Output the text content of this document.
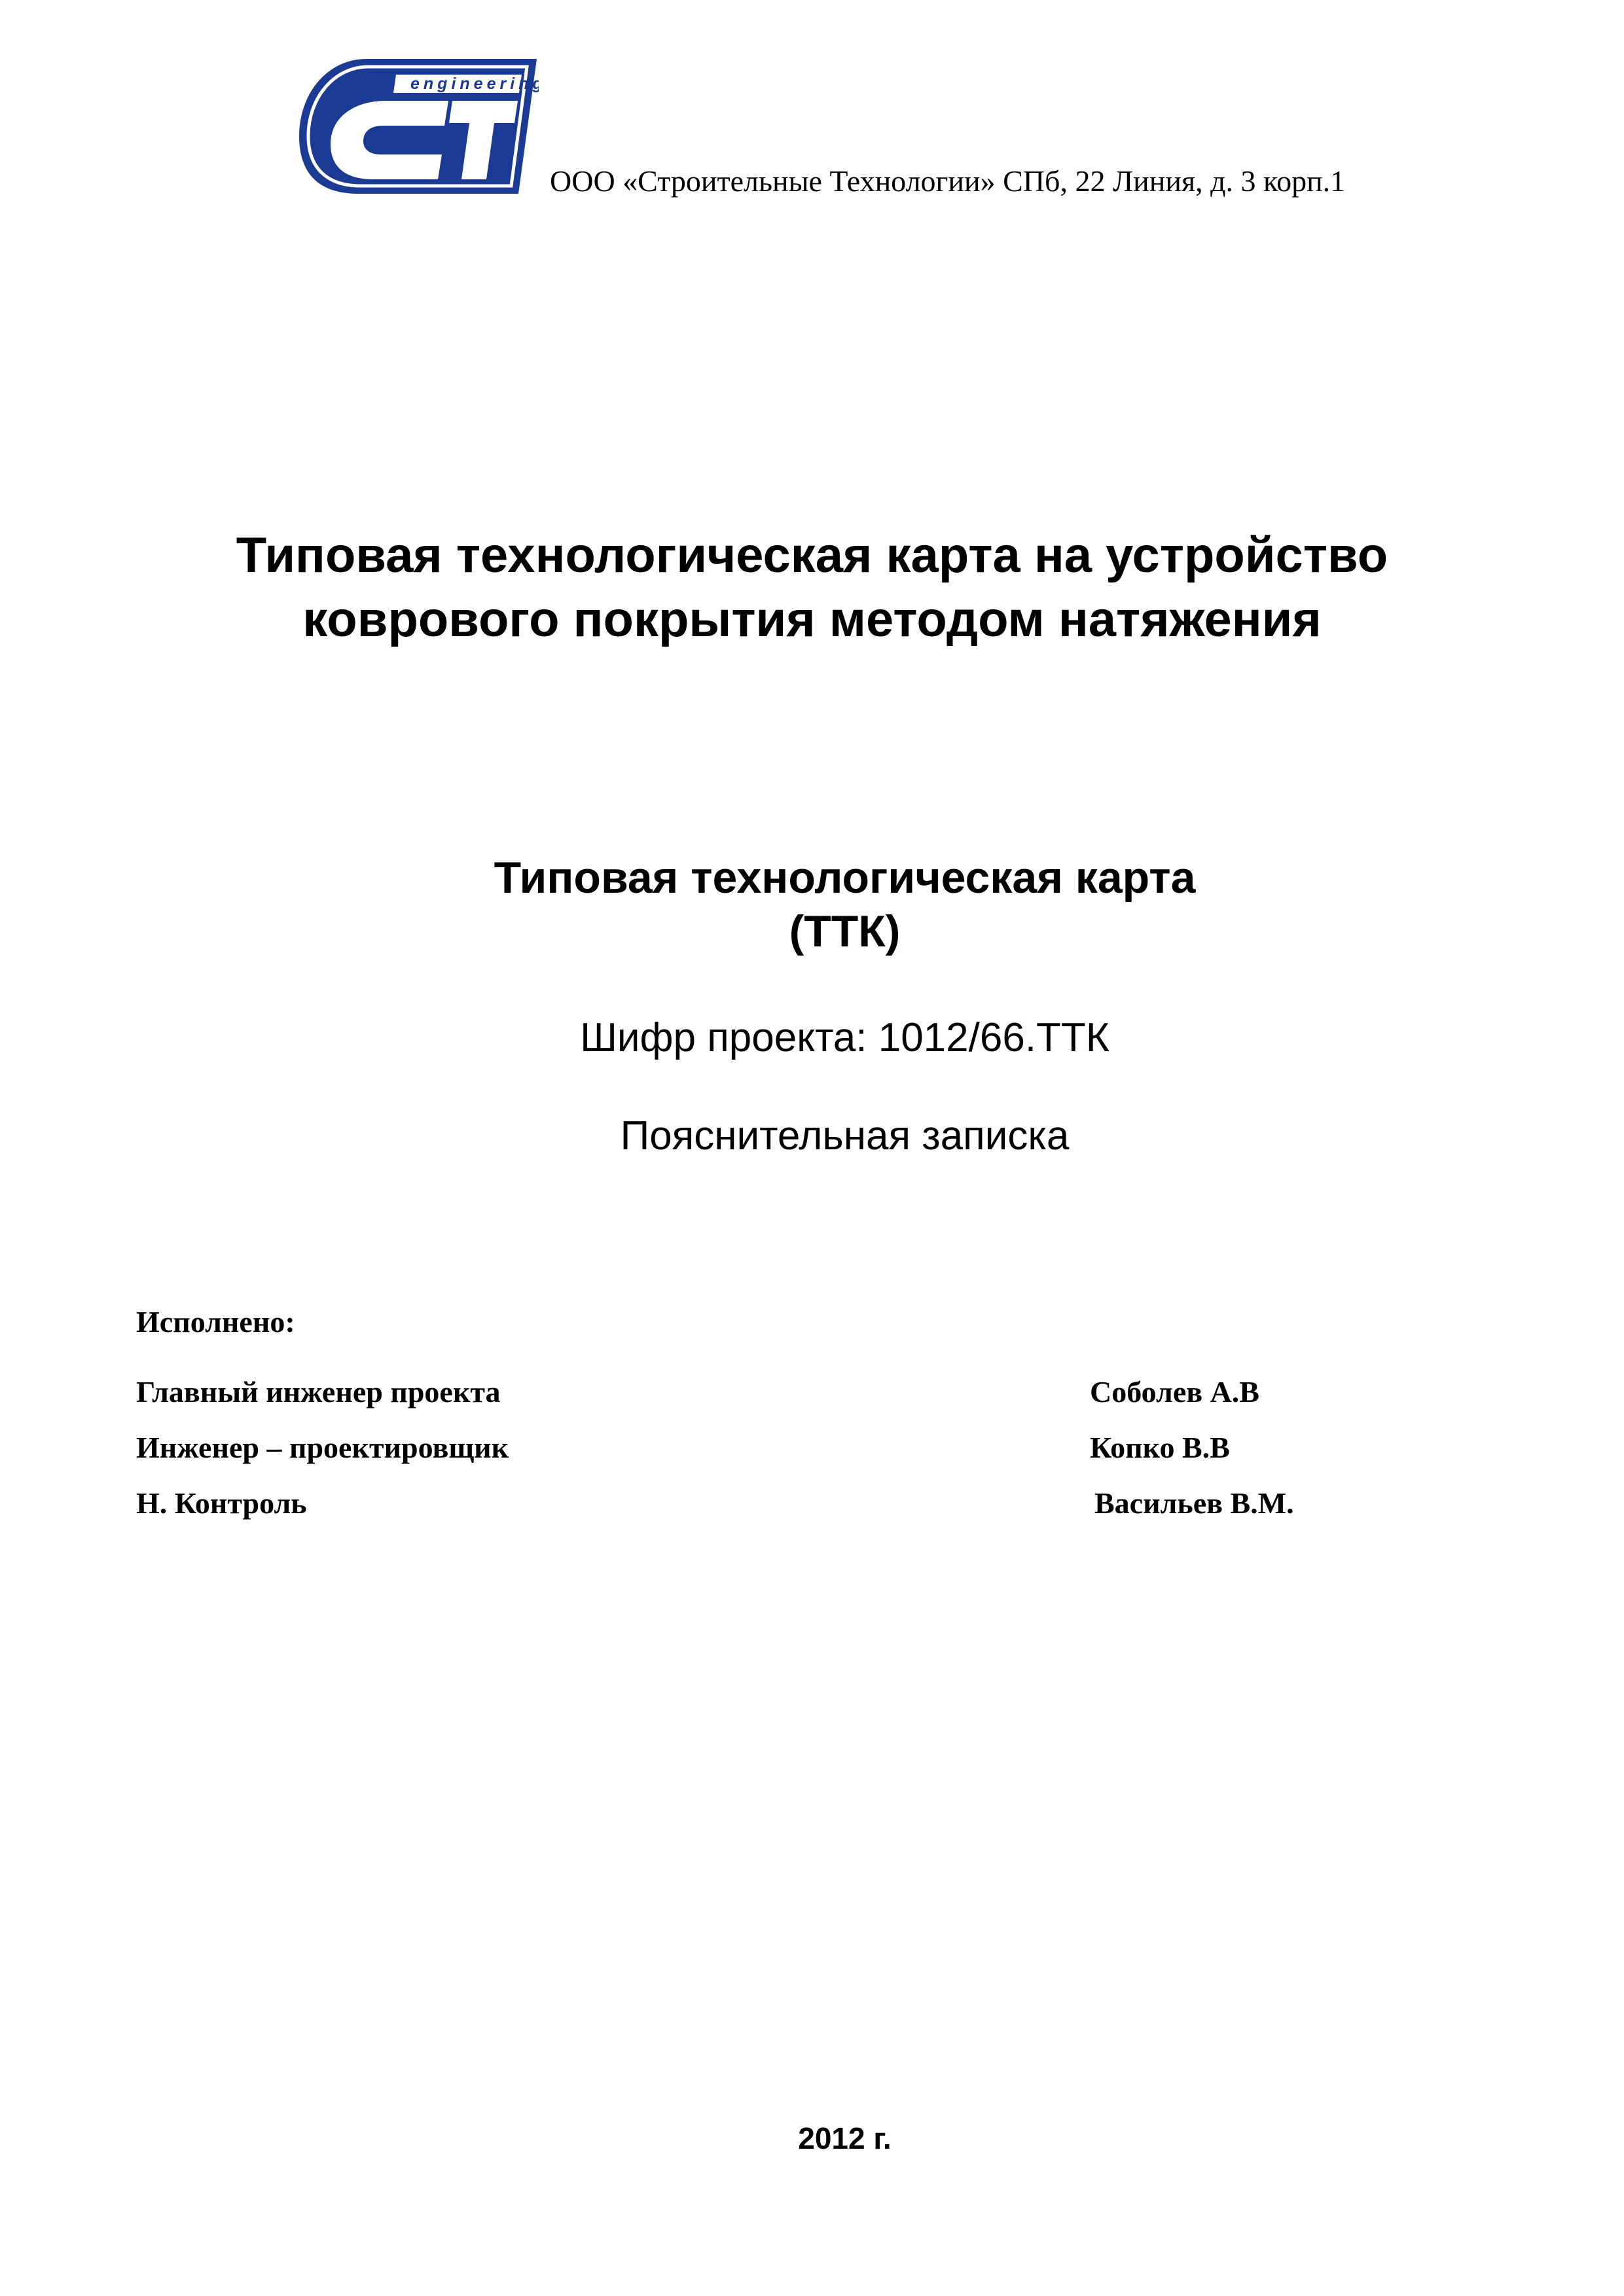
engineering
ООО «Строительные Технологии» СПб, 22 Линия, д. 3 корп.1
Типовая технологическая карта на устройство
коврового покрытия методом натяжения
Типовая технологическая карта
(ТТК)
Шифр проекта: 1012/66.ТТК
Пояснительная записка
Исполнено:
Главный инженер проекта	Соболев А.В
Инженер – проектировщик	Копко В.В
Н. Контроль	Васильев В.М.
2012 г.
